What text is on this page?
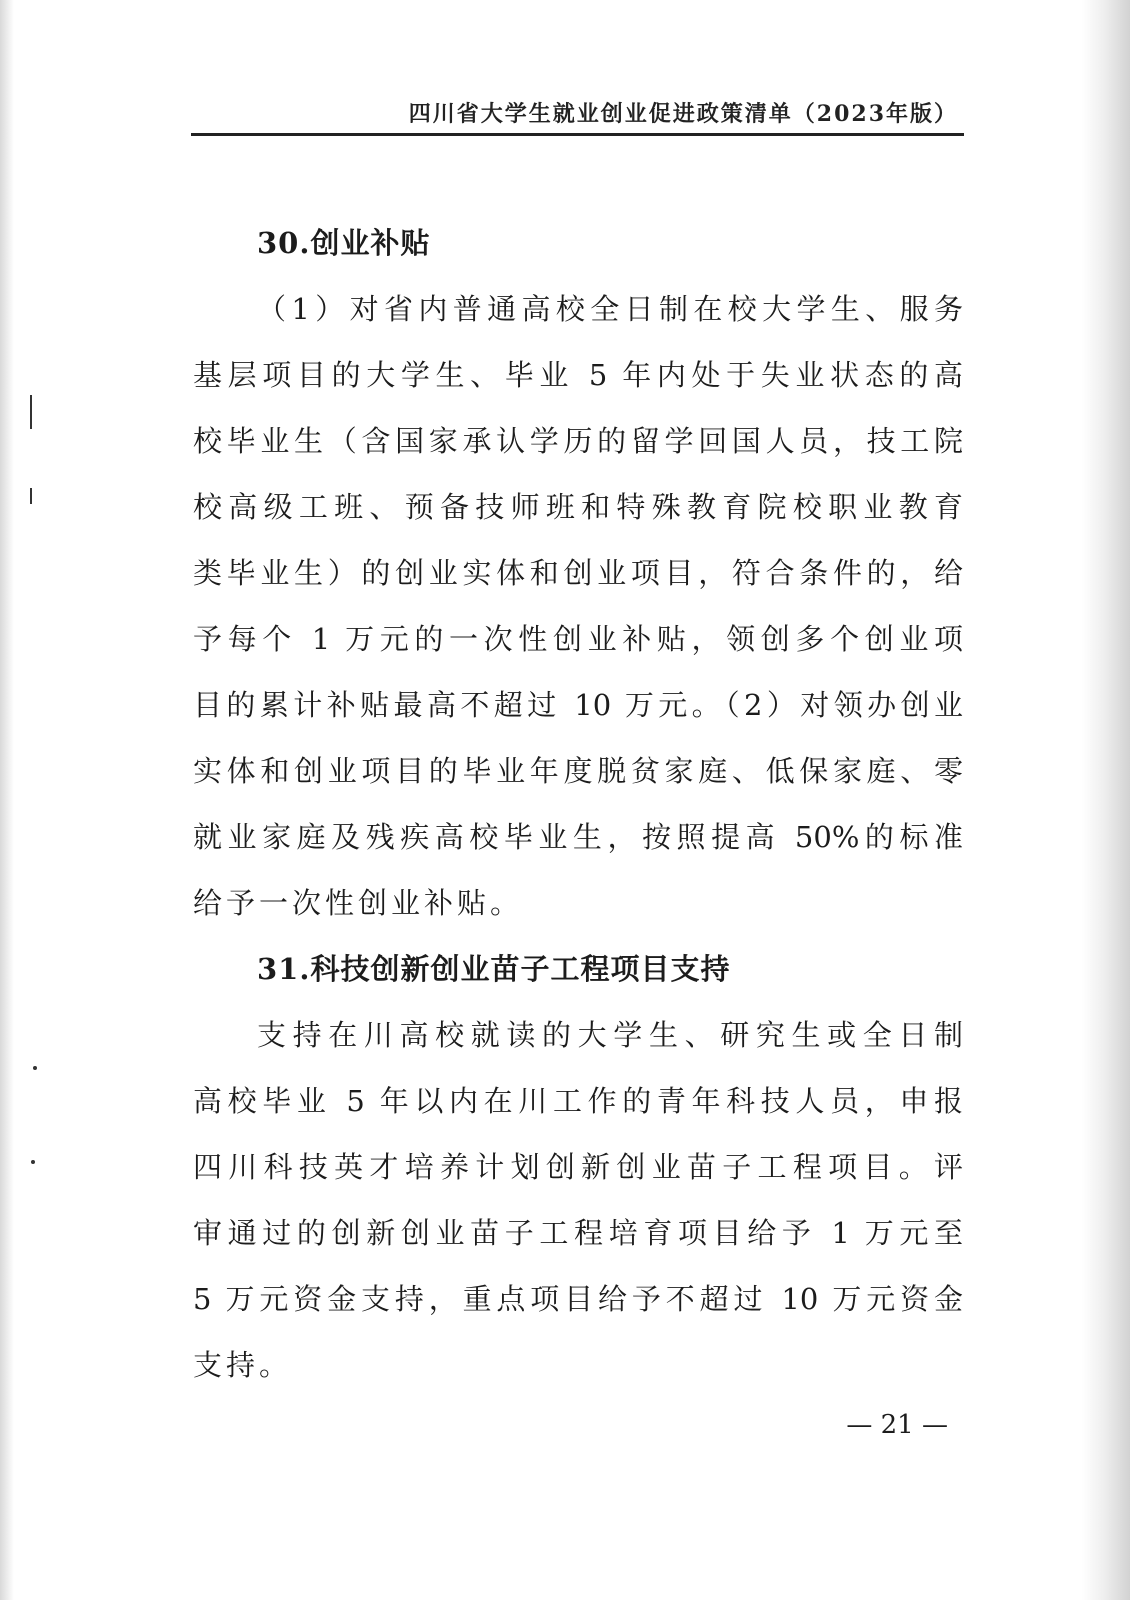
四川省大学生就业创业促进政策清单（2023年版）
30.创业补贴
（1）对省内普通高校全日制在校大学生、服务
基层项目的大学生、毕业 5 年内处于失业状态的高
校毕业生（含国家承认学历的留学回国人员，技工院
校高级工班、预备技师班和特殊教育院校职业教育
类毕业生）的创业实体和创业项目，符合条件的，给
予每个 1 万元的一次性创业补贴，领创多个创业项
目的累计补贴最高不超过 10 万元。（2）对领办创业
实体和创业项目的毕业年度脱贫家庭、低保家庭、零
就业家庭及残疾高校毕业生，按照提高 50%的标准
给予一次性创业补贴。
31.科技创新创业苗子工程项目支持
支持在川高校就读的大学生、研究生或全日制
高校毕业 5 年以内在川工作的青年科技人员，申报
四川科技英才培养计划创新创业苗子工程项目。评
审通过的创新创业苗子工程培育项目给予 1 万元至
5 万元资金支持，重点项目给予不超过 10 万元资金
支持。
— 21 —
